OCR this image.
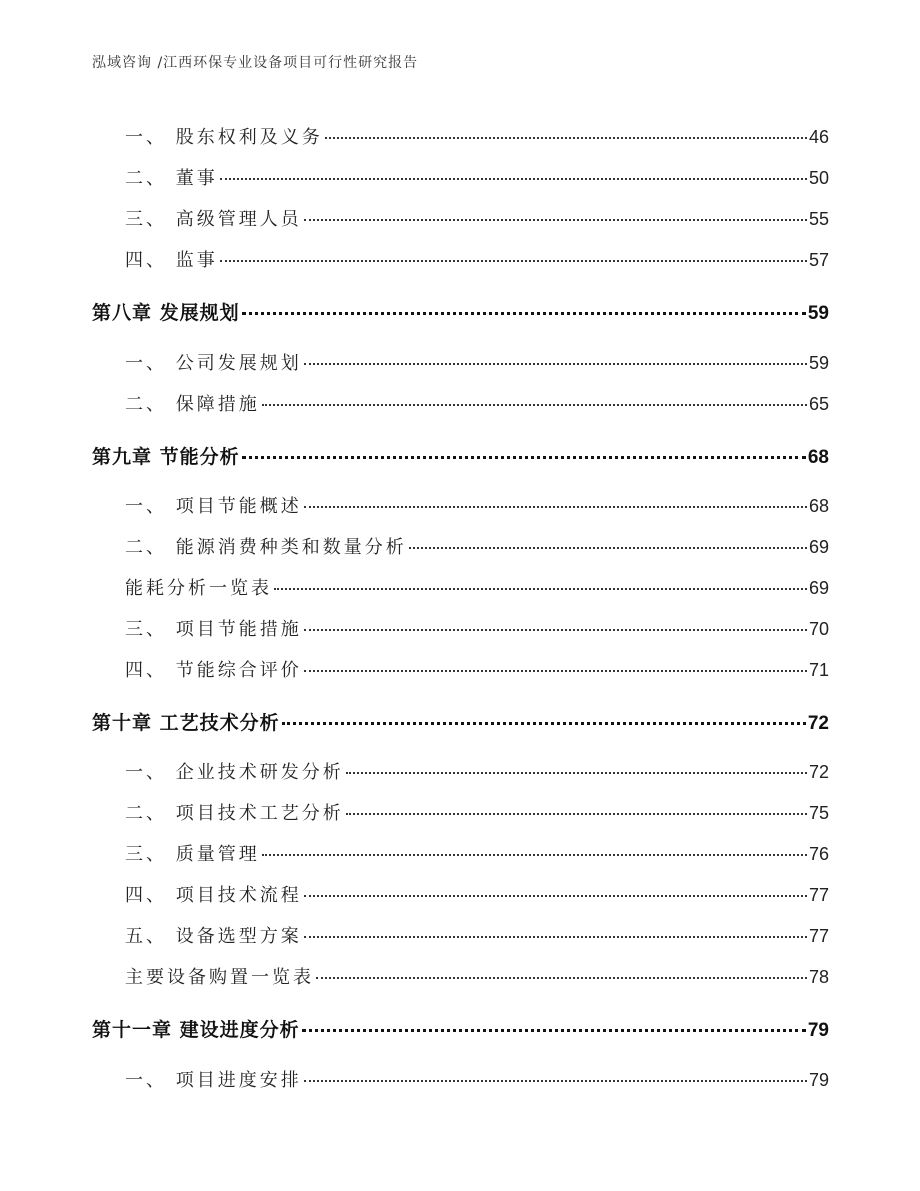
泓域咨询 /江西环保专业设备项目可行性研究报告
一、 股东权利及义务	46
二、 董事	50
三、 高级管理人员	55
四、 监事	57
第八章 发展规划	59
一、 公司发展规划	59
二、 保障措施	65
第九章 节能分析	68
一、 项目节能概述	68
二、 能源消费种类和数量分析	69
能耗分析一览表	69
三、 项目节能措施	70
四、 节能综合评价	71
第十章 工艺技术分析	72
一、 企业技术研发分析	72
二、 项目技术工艺分析	75
三、 质量管理	76
四、 项目技术流程	77
五、 设备选型方案	77
主要设备购置一览表	78
第十一章 建设进度分析	79
一、 项目进度安排	79
